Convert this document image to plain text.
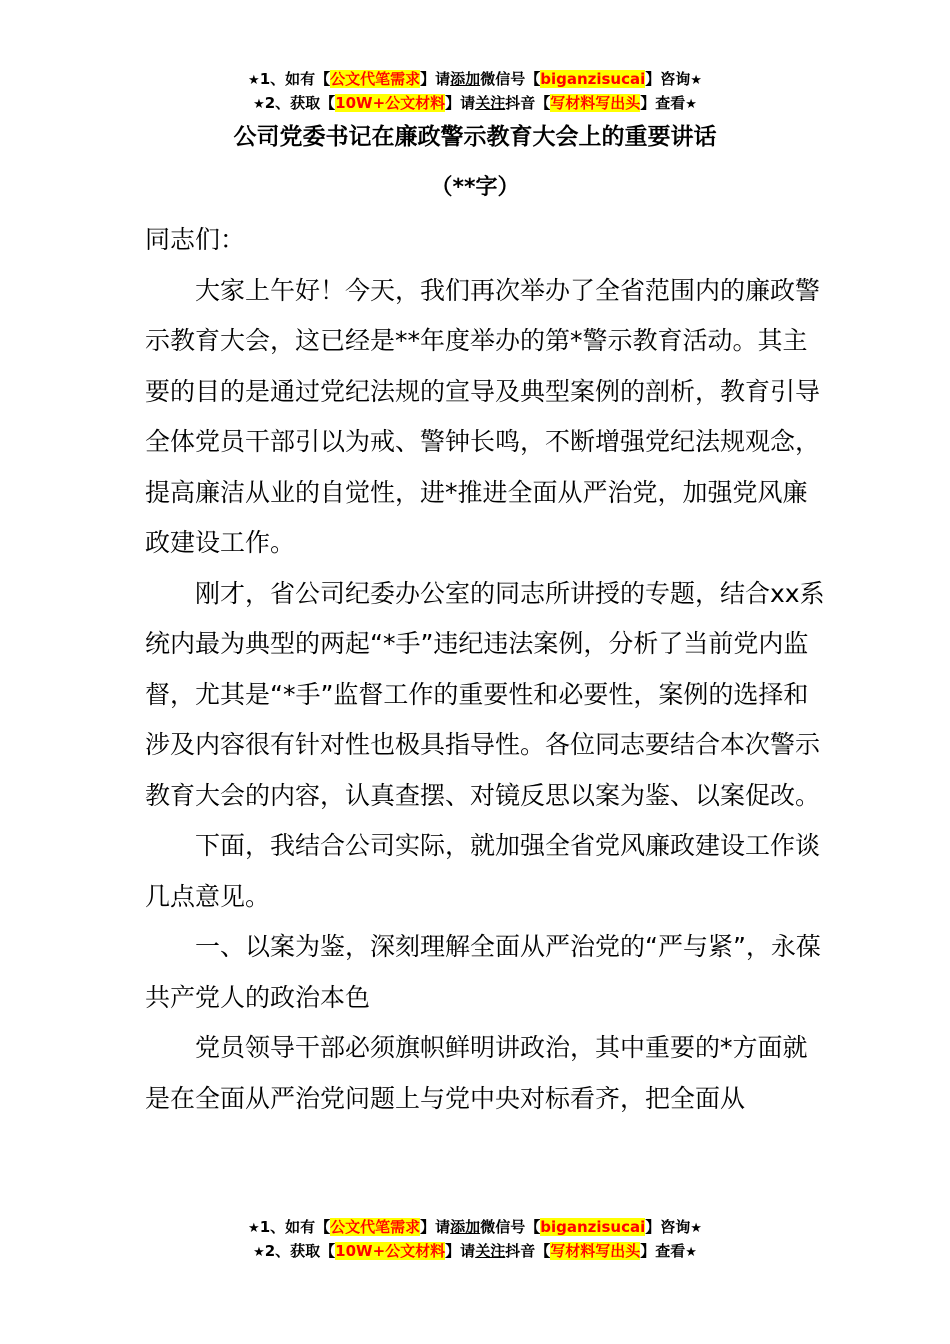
★1、如有【公文代笔需求】请添加微信号【biganzisucai】咨询★
★2、获取【10W+公文材料】请关注抖音【写材料写出头】查看★
公司党委书记在廉政警示教育大会上的重要讲话
（**字）

同志们：

大家上午好！今天，我们再次举办了全省范围内的廉政警示教育大会，这已经是**年度举办的第*警示教育活动。其主要的目的是通过党纪法规的宣导及典型案例的剖析，教育引导全体党员干部引以为戒、警钟长鸣，不断增强党纪法规观念，提高廉洁从业的自觉性，进*推进全面从严治党，加强党风廉政建设工作。

刚才，省公司纪委办公室的同志所讲授的专题，结合xx系统内最为典型的两起“*手”违纪违法案例，分析了当前党内监督，尤其是“*手”监督工作的重要性和必要性，案例的选择和涉及内容很有针对性也极具指导性。各位同志要结合本次警示教育大会的内容，认真查摆、对镜反思以案为鉴、以案促改。

下面，我结合公司实际，就加强全省党风廉政建设工作谈几点意见。

一、以案为鉴，深刻理解全面从严治党的“严与紧”，永葆共产党人的政治本色

党员领导干部必须旗帜鲜明讲政治，其中重要的*方面就是在全面从严治党问题上与党中央对标看齐，把全面从

★1、如有【公文代笔需求】请添加微信号【biganzisucai】咨询★
★2、获取【10W+公文材料】请关注抖音【写材料写出头】查看★
